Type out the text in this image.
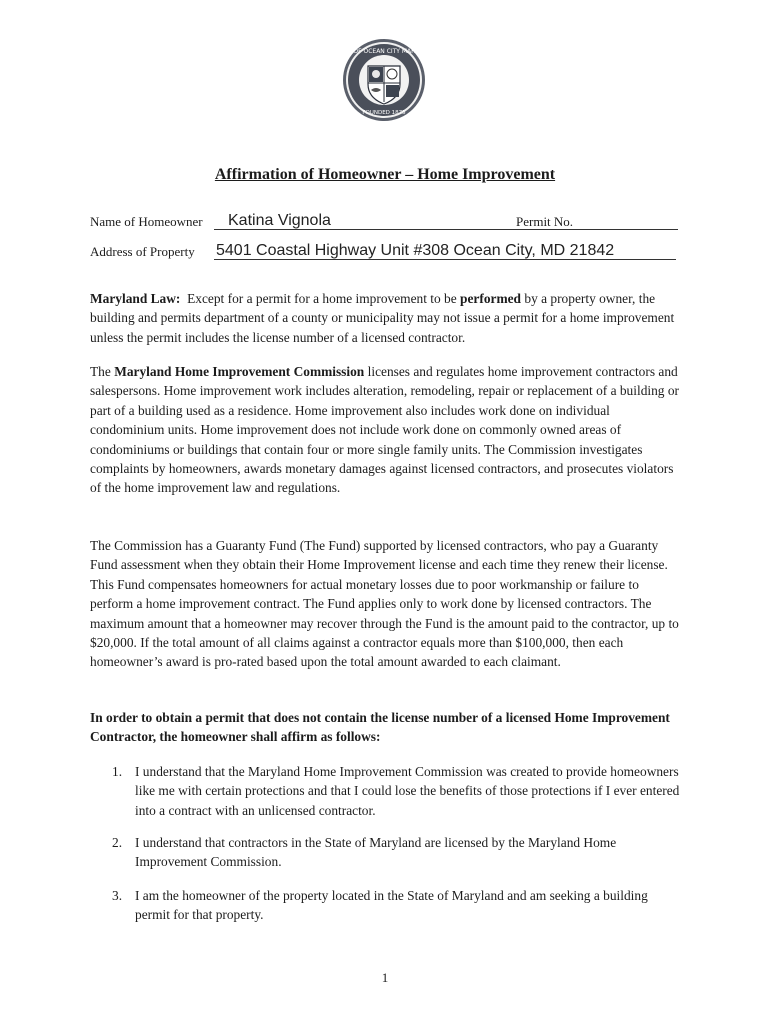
TOWN OF OCEAN CITY MARYLAND
FOUNDED 1875
Affirmation of Homeowner – Home Improvement
Name of Homeowner Katina Vignola	Permit No.
Address of Property 5401 Coastal Highway Unit #308 Ocean City, MD 21842

Maryland Law: Except for a permit for a home improvement to be performed by a property owner, the building and permits department of a county or municipality may not issue a permit for a home improvement unless the permit includes the license number of a licensed contractor.

The Maryland Home Improvement Commission licenses and regulates home improvement contractors and salespersons. Home improvement work includes alteration, remodeling, repair or replacement of a building or part of a building used as a residence. Home improvement also includes work done on individual condominium units. Home improvement does not include work done on commonly owned areas of condominiums or buildings that contain four or more single family units. The Commission investigates complaints by homeowners, awards monetary damages against licensed contractors, and prosecutes violators of the home improvement law and regulations.

The Commission has a Guaranty Fund (The Fund) supported by licensed contractors, who pay a Guaranty Fund assessment when they obtain their Home Improvement license and each time they renew their license. This Fund compensates homeowners for actual monetary losses due to poor workmanship or failure to perform a home improvement contract. The Fund applies only to work done by licensed contractors. The maximum amount that a homeowner may recover through the Fund is the amount paid to the contractor, up to $20,000. If the total amount of all claims against a contractor equals more than $100,000, then each homeowner’s award is pro-rated based upon the total amount awarded to each claimant.

In order to obtain a permit that does not contain the license number of a licensed Home Improvement Contractor, the homeowner shall affirm as follows:

1. I understand that the Maryland Home Improvement Commission was created to provide homeowners like me with certain protections and that I could lose the benefits of those protections if I ever entered into a contract with an unlicensed contractor.
2. I understand that contractors in the State of Maryland are licensed by the Maryland Home Improvement Commission.
3. I am the homeowner of the property located in the State of Maryland and am seeking a building permit for that property.
1
